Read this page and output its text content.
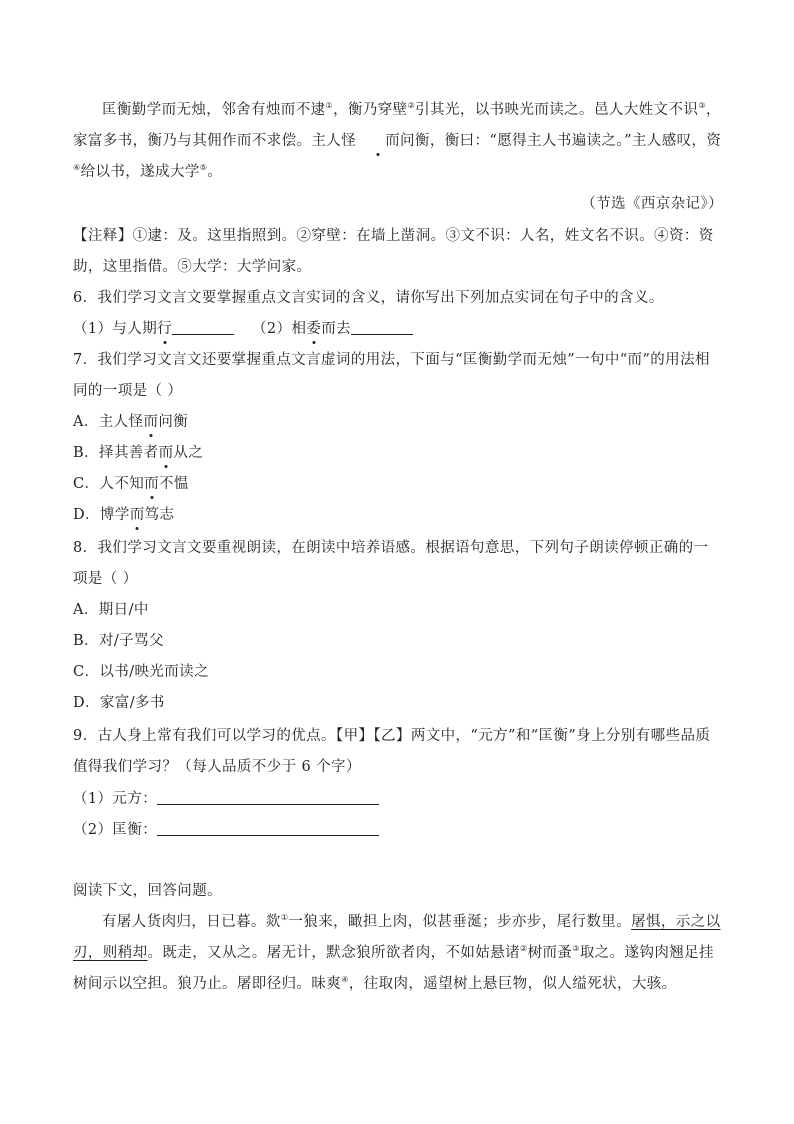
匡衡勤学而无烛，邻舍有烛而不逮①，衡乃穿壁②引其光，以书映光而读之。邑人大姓文不识③，家富多书，衡乃与其佣作而不求偿。主人怪 而问衡，衡曰：“愿得主人书遍读之。”主人感叹，资④给以书，遂成大学⑤。
（节选《西京杂记》）
【注释】①逮：及。这里指照到。②穿壁：在墙上凿洞。③文不识：人名，姓文名不识。④资：资助，这里指借。⑤大学：大学问家。
6．我们学习文言文要掌握重点文言实词的含义，请你写出下列加点实词在句子中的含义。
（1）与人期行	（2）相委而去
7．我们学习文言文还要掌握重点文言虚词的用法，下面与“匡衡勤学而无烛”一句中“而”的用法相同的一项是（ ）
A．主人怪而问衡
B．择其善者而从之
C．人不知而不愠
D．博学而笃志
8．我们学习文言文要重视朗读，在朗读中培养语感。根据语句意思，下列句子朗读停顿正确的一项是（ ）
A．期日/中
B．对/子骂父
C．以书/映光而读之
D．家富/多书
9．古人身上常有我们可以学习的优点。【甲】【乙】两文中，“元方”和“匡衡”身上分别有哪些品质值得我们学习？（每人品质不少于 6 个字）
（1）元方：
（2）匡衡：
阅读下文，回答问题。
有屠人货肉归，日已暮。欻①一狼来，瞰担上肉，似甚垂涎；步亦步，尾行数里。屠惧，示之以刃，则稍却。既走，又从之。屠无计，默念狼所欲者肉，不如姑悬诸②树而蚤③取之。遂钩肉翘足挂树间示以空担。狼乃止。屠即径归。昧爽④，往取肉，遥望树上悬巨物，似人缢死状，大骇。
